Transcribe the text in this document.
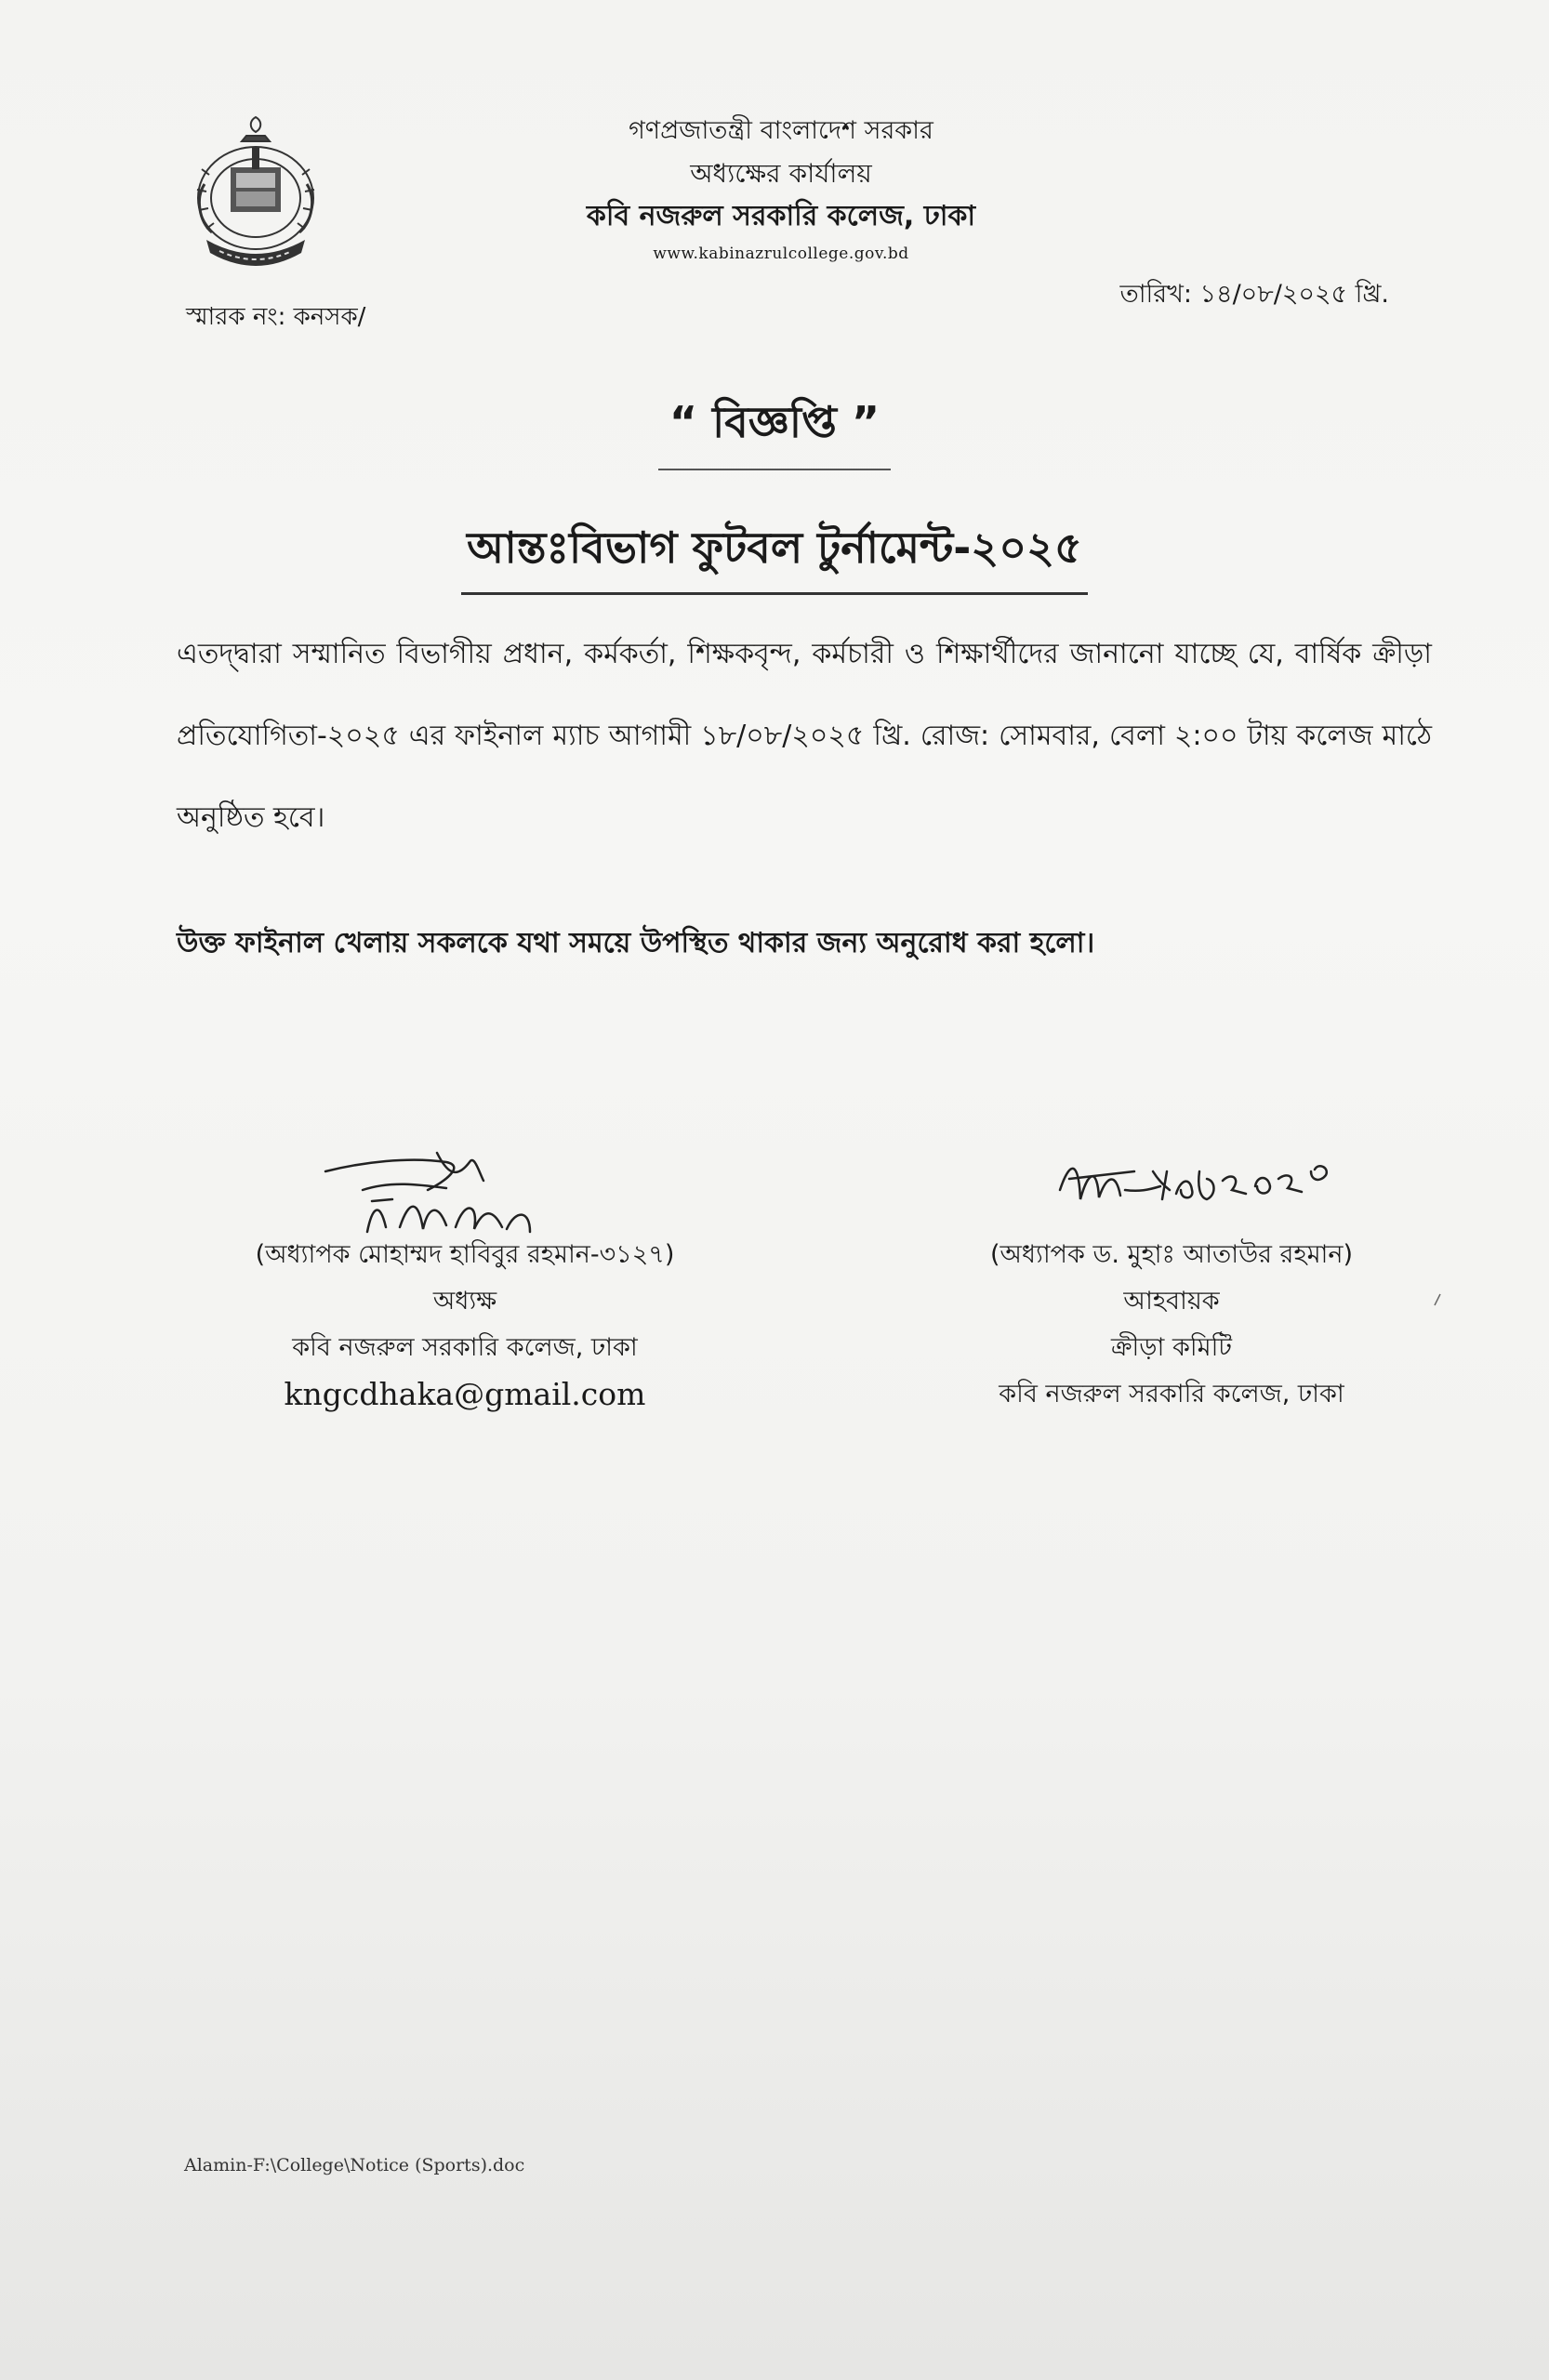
গণপ্রজাতন্ত্রী বাংলাদেশ সরকার
অধ্যক্ষের কার্যালয়
কবি নজরুল সরকারি কলেজ, ঢাকা
www.kabinazrulcollege.gov.bd
স্মারক নং: কনসক/
তারিখ: ১৪/০৮/২০২৫ খ্রি.
“ বিজ্ঞপ্তি ”
আন্তঃবিভাগ ফুটবল টুর্নামেন্ট-২০২৫
এতদ্দ্বারা সম্মানিত বিভাগীয় প্রধান, কর্মকর্তা, শিক্ষকবৃন্দ, কর্মচারী ও শিক্ষার্থীদের জানানো যাচ্ছে যে, বার্ষিক ক্রীড়া প্রতিযোগিতা-২০২৫ এর ফাইনাল ম্যাচ আগামী ১৮/০৮/২০২৫ খ্রি. রোজ: সোমবার, বেলা ২:০০ টায় কলেজ মাঠে অনুষ্ঠিত হবে।
উক্ত ফাইনাল খেলায় সকলকে যথা সময়ে উপস্থিত থাকার জন্য অনুরোধ করা হলো।
(অধ্যাপক মোহাম্মদ হাবিবুর রহমান-৩১২৭)
অধ্যক্ষ
কবি নজরুল সরকারি কলেজ, ঢাকা
kngcdhaka@gmail.com
(অধ্যাপক ড. মুহাঃ আতাউর রহমান)
আহবায়ক
ক্রীড়া কমিটি
কবি নজরুল সরকারি কলেজ, ঢাকা
Alamin-F:\College\Notice (Sports).doc
